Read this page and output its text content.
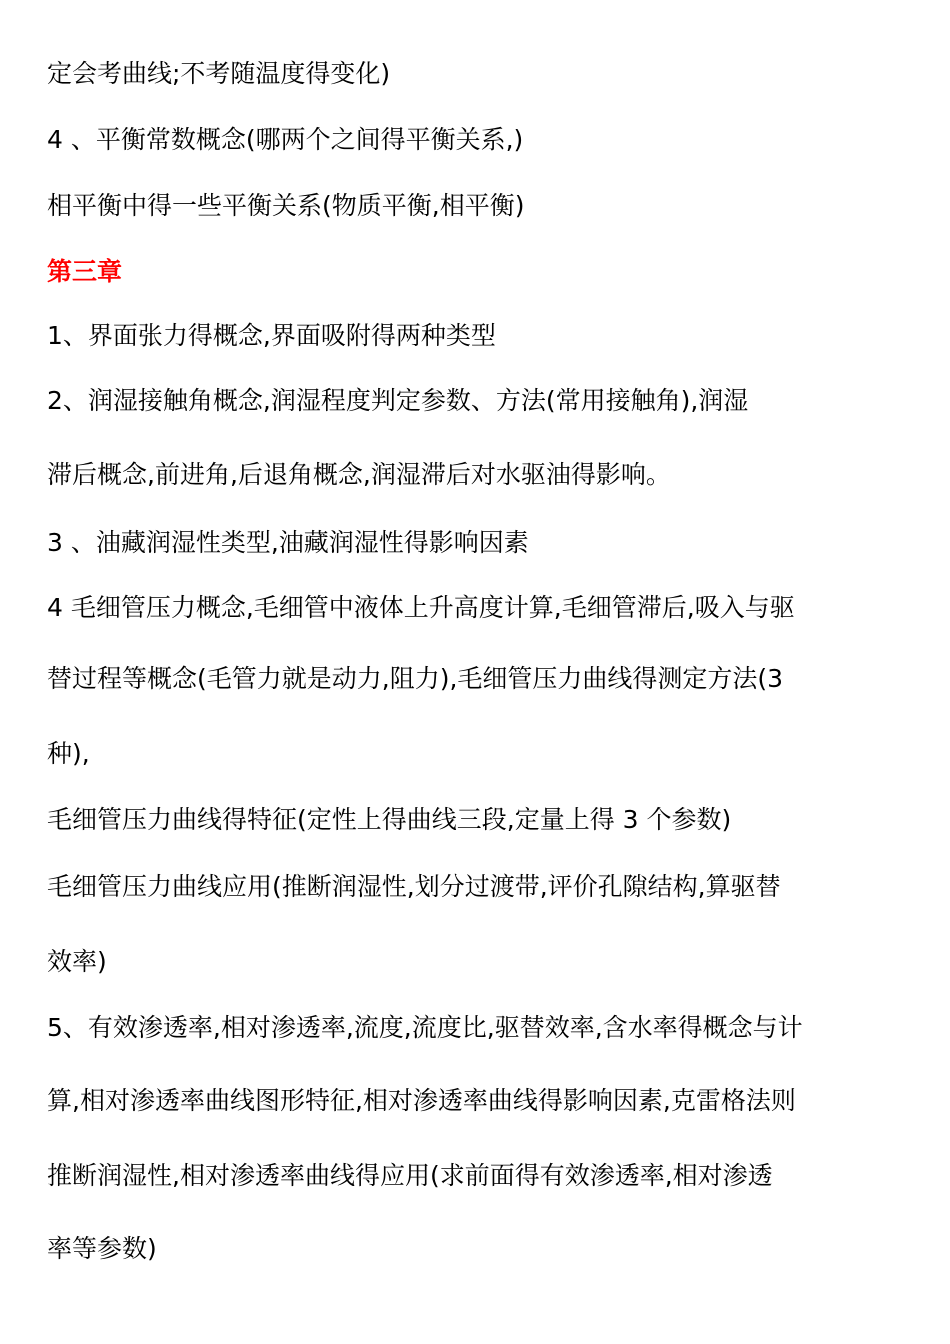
定会考曲线;不考随温度得变化)
4 、平衡常数概念(哪两个之间得平衡关系,)
相平衡中得一些平衡关系(物质平衡,相平衡)
第三章
1、界面张力得概念,界面吸附得两种类型
2、润湿接触角概念,润湿程度判定参数、方法(常用接触角),润湿
滞后概念,前进角,后退角概念,润湿滞后对水驱油得影响。
3 、油藏润湿性类型,油藏润湿性得影响因素
4 毛细管压力概念,毛细管中液体上升高度计算,毛细管滞后,吸入与驱
替过程等概念(毛管力就是动力,阻力),毛细管压力曲线得测定方法(3
种),
毛细管压力曲线得特征(定性上得曲线三段,定量上得 3 个参数)
毛细管压力曲线应用(推断润湿性,划分过渡带,评价孔隙结构,算驱替
效率)
5、有效渗透率,相对渗透率,流度,流度比,驱替效率,含水率得概念与计
算,相对渗透率曲线图形特征,相对渗透率曲线得影响因素,克雷格法则
推断润湿性,相对渗透率曲线得应用(求前面得有效渗透率,相对渗透
率等参数)
